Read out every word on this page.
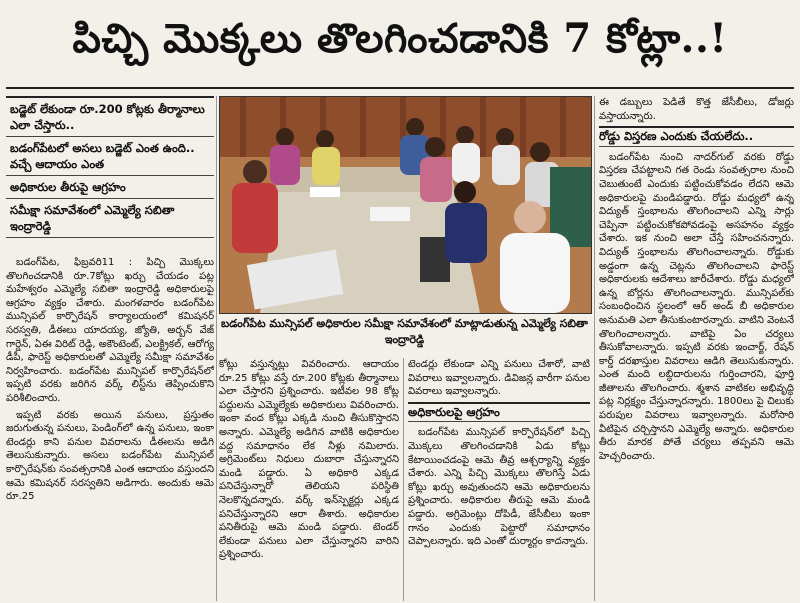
పిచ్చి మొక్కలు తొలగించడానికి 7 కోట్లా..!
బడ్జెట్ లేకుండా రూ.200 కోట్లకు తీర్మానాలు ఎలా చేస్తారు..
బడంగ్‌పేటలో అసలు బడ్జెట్ ఎంత ఉంది.. వచ్చే ఆదాయం ఎంత
అధికారుల తీరుపై ఆగ్రహం
సమీక్షా సమావేశంలో ఎమ్మెల్యే సబితా ఇంద్రారెడ్డి

బడంగ్‌పేట, ఫిబ్రవరి11 : పిచ్చి మొక్కలు తొలగించడానికి రూ.7కోట్లు ఖర్చు చేయడం పట్ల మహేశ్వరం ఎమ్మెల్యే సబితా ఇంద్రారెడ్డి అధికారులపై ఆగ్రహం వ్యక్తం చేశారు. మంగళవారం బడంగ్‌పేట మున్సిపల్ కార్పొరేషన్ కార్యాలయంలో కమిషనర్ సరస్వతి, డీఈలు యాదయ్య, జ్యోతి, అర్బన్ వేజ్ గార్డెన్, ఏఈ విరిట్ రెడ్డి, అకౌంటెంట్, ఎలక్ట్రికల్, ఆరోగ్య డీపీ, ఫారెస్ట్ అధికారులతో ఎమ్మెల్యే సమీక్షా సమావేశం నిర్వహించారు. బడంగ్‌పేట మున్సిపల్ కార్పొరేషన్‌లో ఇప్పటి వరకు జరిగిన వర్క్ లిస్ట్‌ను తెప్పించుకొని పరిశీలించారు.

ఇప్పటి వరకు అయిన పనులు, ప్రస్తుతం జరుగుతున్న పనులు, పెండింగ్‌లో ఉన్న పనులు, ఇంకా టెండర్లు కాని పనుల వివరాలను డీఈలను అడిగి తెలుసుకున్నారు. అసలు బడంగ్‌పేట మున్సిపల్ కార్పొరేషన్‌కు సంవత్సరానికి ఎంత ఆదాయం వస్తుందని ఆమె కమిషనర్ సరస్వతిని అడిగారు. అందుకు ఆమె రూ.25

బడంగ్‌పేట మున్సిపల్ అధికారుల సమీక్షా సమావేశంలో మాట్లాడుతున్న ఎమ్మెల్యే సబితా ఇంద్రారెడ్డి

కోట్లు వస్తున్నట్లు వివరించారు. ఆదాయం రూ.25 కోట్లు వస్తే రూ.200 కోట్లకు తీర్మానాలు ఎలా చేస్తారని ప్రశ్నించారు. ఇటీవల 98 కోట్ల పద్దులను ఎమ్మెల్యేకు అధికారులు వివరించారు. ఇంకా వంద కోట్లు ఎక్కడి నుంచి తీసుకొస్తారని అన్నారు. ఎమ్మెల్యే అడిగిన వాటికి అధికారుల వద్ద సమాధానం లేక నీళ్లు నమిలారు. అగ్రిమెంట్‌లు నిధులు దుబారా చేస్తున్నారని మండి పడ్డారు. ఏ అధికారి ఎక్కడ పనిచేస్తున్నారో తెలియని పరిస్థితి నెలకొన్నదన్నారు. వర్క్ ఇన్‌స్పెక్టర్లు ఎక్కడ పనిచేస్తున్నారని ఆరా తీశారు. అధికారుల పనితీరుపై ఆమె మండి పడ్డారు. టెండర్ లేకుండా పనులు ఎలా చేస్తున్నారని వారిని ప్రశ్నించారు.

టెండర్లు లేకుండా ఎన్ని పనులు చేశారో, వాటి వివరాలు ఇవ్వాలన్నారు. డివిజన్ల వారీగా పనుల వివరాలు ఇవ్వాలన్నారు.

అధికారులపై ఆగ్రహం

బడంగ్‌పేట మున్సిపల్ కార్పొరేషన్‌లో పిచ్చి మొక్కలు తొలగించడానికి ఏడు కోట్లు కేటాయించడంపై ఆమె తీవ్ర ఆశ్చర్యాన్ని వ్యక్తం చేశారు. ఎన్ని పిచ్చి మొక్కలు తొలగిస్తే ఏడు కోట్లు ఖర్చు అవుతుందని ఆమె అధికారులను ప్రశ్నించారు. అధికారుల తీరుపై ఆమె మండి పడ్డారు. అగ్రిమెంట్లు దోపిడీ, జేసీబీలు ఇంకా గానం ఎందుకు పెట్టారో సమాధానం చెప్పాలన్నారు. ఇది ఎంతో దుర్మార్గం కాదన్నారు.

ఈ డబ్బులు పెడితే కొత్త జేసీబీలు, డోజర్లు వస్తాయన్నారు.

రోడ్డు విస్తరణ ఎందుకు చేయలేదు..

బడంగ్‌పేట నుంచి నాదర్‌గుల్ వరకు రోడ్డు విస్తరణ చేపట్టాలని గత రెండు సంవత్సరాల నుంచి చెబుతుంటే ఎందుకు పట్టించుకోవడం లేదని ఆమె అధికారులపై మండిపడ్డారు. రోడ్డు మధ్యలో ఉన్న విద్యుత్ స్తంభాలను తొలగించాలని ఎన్ని సార్లు చెప్పినా పట్టించుకోకపోవడంపై అసహనం వ్యక్తం చేశారు. ఇక నుంచి అలా చేస్తే సహించనన్నారు. విద్యుత్ స్తంభాలను తొలగించాలన్నారు. రోడ్డుకు అడ్డంగా ఉన్న చెట్లను తొలగించాలని ఫారెస్ట్ అధికారులకు ఆదేశాలు జారీచేశారు. రోడ్డు మధ్యలో ఉన్న బోర్లను తొలగించాలన్నారు. మున్సిపల్‌కు సంబంధించిన స్థలంలో ఆర్ అండ్ బీ అధికారుల అనుమతి ఎలా తీసుకుంటారన్నారు. వాటిని వెంటనే తొలగించాలన్నారు. వాటిపై ఏం చర్యలు తీసుకోవాలన్నారు. ఇప్పటి వరకు ఇంచార్జ్, రేషన్ కార్డ్ దరఖాస్తుల వివరాలు ఆడిగి తెలుసుకున్నారు. ఎంత మంది లబ్ధిదారులను గుర్తించారని, ఫూర్తి జీతాలను తొలగించారు. శ్మశాన వాటికల అభివృద్ధి పట్ల నిర్లక్ష్యం చేస్తున్నారన్నారు. 1800లు పై చిలుకు పరుపుల వివరాలు ఇవ్వాలన్నారు. మరోసారి వీటిపైన చర్చిస్తానని ఎమ్మెల్యే అన్నారు. అధికారుల తీరు మారక పోతే చర్యలు తప్పవని ఆమె హెచ్చరించారు.
